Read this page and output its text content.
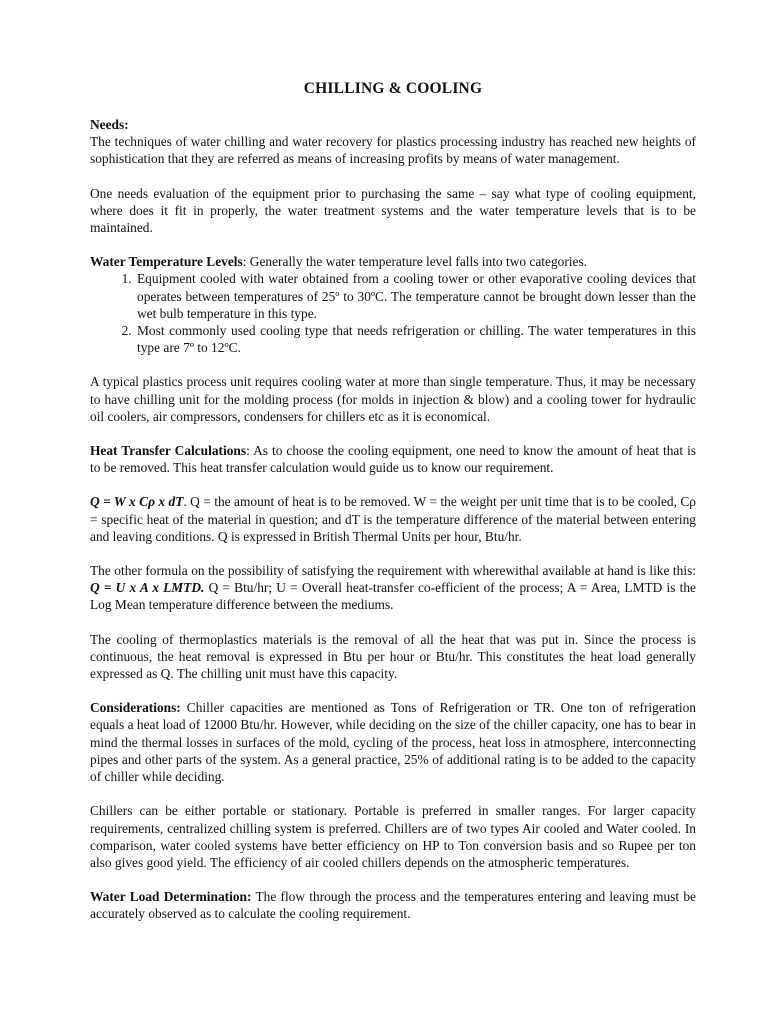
CHILLING & COOLING
Needs:
The techniques of water chilling and water recovery for plastics processing industry has reached new heights of sophistication that they are referred as means of increasing profits by means of water management.
One needs evaluation of the equipment prior to purchasing the same – say what type of cooling equipment, where does it fit in properly, the water treatment systems and the water temperature levels that is to be maintained.
Water Temperature Levels: Generally the water temperature level falls into two categories.
1. Equipment cooled with water obtained from a cooling tower or other evaporative cooling devices that operates between temperatures of 25º to 30ºC. The temperature cannot be brought down lesser than the wet bulb temperature in this type.
2. Most commonly used cooling type that needs refrigeration or chilling. The water temperatures in this type are 7º to 12ºC.
A typical plastics process unit requires cooling water at more than single temperature. Thus, it may be necessary to have chilling unit for the molding process (for molds in injection & blow) and a cooling tower for hydraulic oil coolers, air compressors, condensers for chillers etc as it is economical.
Heat Transfer Calculations: As to choose the cooling equipment, one need to know the amount of heat that is to be removed. This heat transfer calculation would guide us to know our requirement.
Q = W x Cρ x dT. Q = the amount of heat is to be removed. W = the weight per unit time that is to be cooled, Cρ = specific heat of the material in question; and dT is the temperature difference of the material between entering and leaving conditions. Q is expressed in British Thermal Units per hour, Btu/hr.
The other formula on the possibility of satisfying the requirement with wherewithal available at hand is like this: Q = U x A x LMTD. Q = Btu/hr; U = Overall heat-transfer co-efficient of the process; A = Area, LMTD is the Log Mean temperature difference between the mediums.
The cooling of thermoplastics materials is the removal of all the heat that was put in. Since the process is continuous, the heat removal is expressed in Btu per hour or Btu/hr. This constitutes the heat load generally expressed as Q. The chilling unit must have this capacity.
Considerations: Chiller capacities are mentioned as Tons of Refrigeration or TR. One ton of refrigeration equals a heat load of 12000 Btu/hr. However, while deciding on the size of the chiller capacity, one has to bear in mind the thermal losses in surfaces of the mold, cycling of the process, heat loss in atmosphere, interconnecting pipes and other parts of the system. As a general practice, 25% of additional rating is to be added to the capacity of chiller while deciding.
Chillers can be either portable or stationary. Portable is preferred in smaller ranges. For larger capacity requirements, centralized chilling system is preferred. Chillers are of two types Air cooled and Water cooled. In comparison, water cooled systems have better efficiency on HP to Ton conversion basis and so Rupee per ton also gives good yield. The efficiency of air cooled chillers depends on the atmospheric temperatures.
Water Load Determination: The flow through the process and the temperatures entering and leaving must be accurately observed as to calculate the cooling requirement.
